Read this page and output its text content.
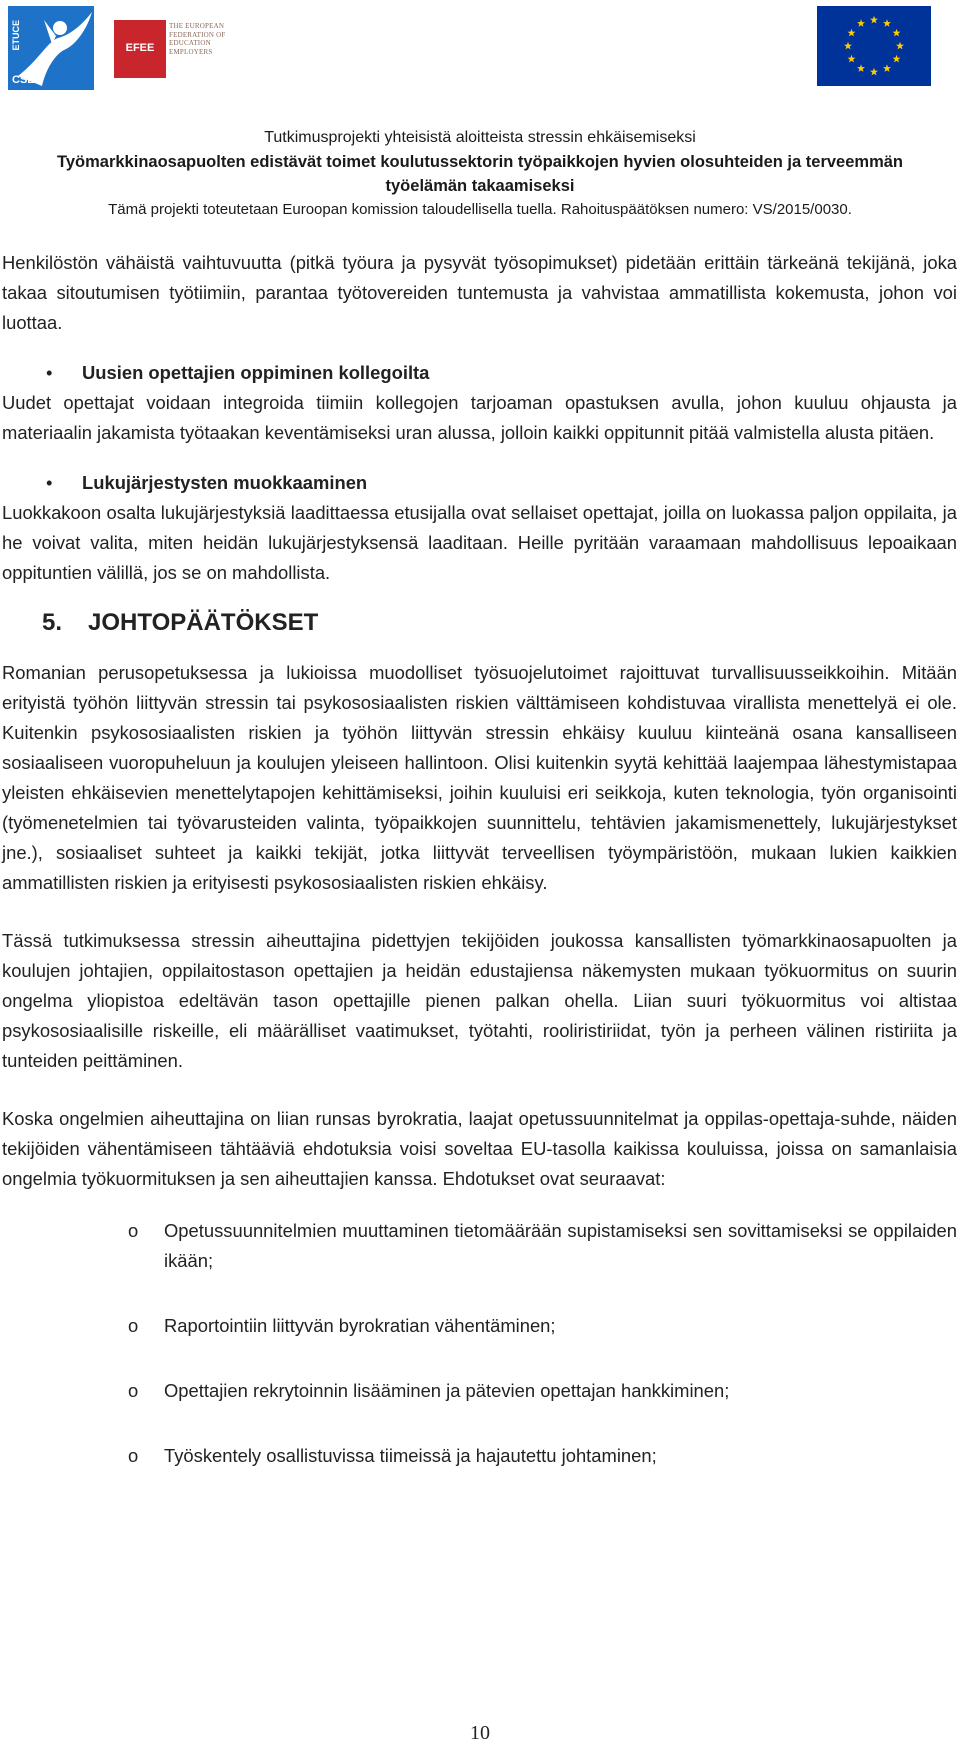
ETUCE
CSEE
EFEE
THE EUROPEAN
FEDERATION OF
EDUCATION
EMPLOYERS
Tutkimusprojekti yhteisistä aloitteista stressin ehkäisemiseksi
Työmarkkinaosapuolten edistävät toimet koulutussektorin työpaikkojen hyvien olosuhteiden ja terveemmän
työelämän takaamiseksi
Tämä projekti toteutetaan Euroopan komission taloudellisella tuella. Rahoituspäätöksen numero: VS/2015/0030.

Henkilöstön vähäistä vaihtuvuutta (pitkä työura ja pysyvät työsopimukset) pidetään erittäin tärkeänä tekijänä, joka takaa sitoutumisen työtiimiin, parantaa työtovereiden tuntemusta ja vahvistaa ammatillista kokemusta, johon voi luottaa.

• Uusien opettajien oppiminen kollegoilta

Uudet opettajat voidaan integroida tiimiin kollegojen tarjoaman opastuksen avulla, johon kuuluu ohjausta ja materiaalin jakamista työtaakan keventämiseksi uran alussa, jolloin kaikki oppitunnit pitää valmistella alusta pitäen.

• Lukujärjestysten muokkaaminen

Luokkakoon osalta lukujärjestyksiä laadittaessa etusijalla ovat sellaiset opettajat, joilla on luokassa paljon oppilaita, ja he voivat valita, miten heidän lukujärjestyksensä laaditaan. Heille pyritään varaamaan mahdollisuus lepoaikaan oppituntien välillä, jos se on mahdollista.

5. JOHTOPÄÄTÖKSET

Romanian perusopetuksessa ja lukioissa muodolliset työsuojelutoimet rajoittuvat turvallisuusseikkoihin. Mitään erityistä työhön liittyvän stressin tai psykososiaalisten riskien välttämiseen kohdistuvaa virallista menettelyä ei ole. Kuitenkin psykososiaalisten riskien ja työhön liittyvän stressin ehkäisy kuuluu kiinteänä osana kansalliseen sosiaaliseen vuoropuheluun ja koulujen yleiseen hallintoon. Olisi kuitenkin syytä kehittää laajempaa lähestymistapaa yleisten ehkäisevien menettelytapojen kehittämiseksi, joihin kuuluisi eri seikkoja, kuten teknologia, työn organisointi (työmenetelmien tai työvarusteiden valinta, työpaikkojen suunnittelu, tehtävien jakamismenettely, lukujärjestykset jne.), sosiaaliset suhteet ja kaikki tekijät, jotka liittyvät terveellisen työympäristöön, mukaan lukien kaikkien ammatillisten riskien ja erityisesti psykososiaalisten riskien ehkäisy.

Tässä tutkimuksessa stressin aiheuttajina pidettyjen tekijöiden joukossa kansallisten työmarkkinaosapuolten ja koulujen johtajien, oppilaitostason opettajien ja heidän edustajiensa näkemysten mukaan työkuormitus on suurin ongelma yliopistoa edeltävän tason opettajille pienen palkan ohella. Liian suuri työkuormitus voi altistaa psykososiaalisille riskeille, eli määrälliset vaatimukset, työtahti, rooliristiriidat, työn ja perheen välinen ristiriita ja tunteiden peittäminen.

Koska ongelmien aiheuttajina on liian runsas byrokratia, laajat opetussuunnitelmat ja oppilas-opettaja-suhde, näiden tekijöiden vähentämiseen tähtääviä ehdotuksia voisi soveltaa EU-tasolla kaikissa kouluissa, joissa on samanlaisia ongelmia työkuormituksen ja sen aiheuttajien kanssa. Ehdotukset ovat seuraavat:

o Opetussuunnitelmien muuttaminen tietomäärään supistamiseksi sen sovittamiseksi se oppilaiden ikään;
o Raportointiin liittyvän byrokratian vähentäminen;
o Opettajien rekrytoinnin lisääminen ja pätevien opettajan hankkiminen;
o Työskentely osallistuvissa tiimeissä ja hajautettu johtaminen;
10
